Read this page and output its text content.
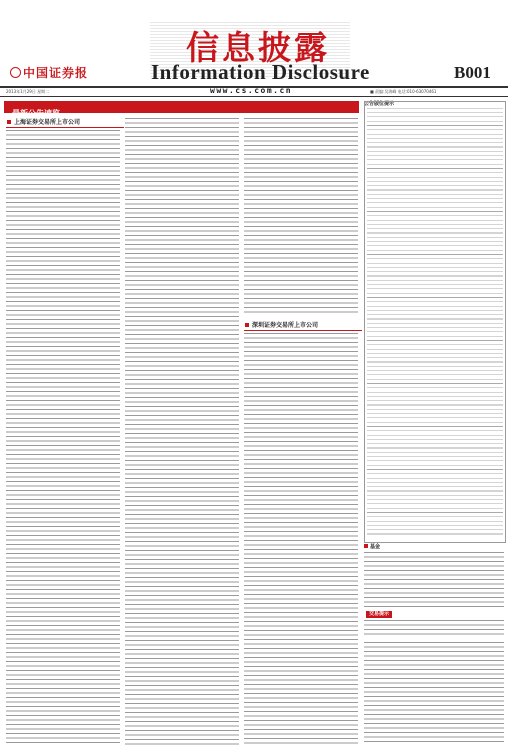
中国证券报
信息披露
Information Disclosure	B001
2013年1月29日 星期二	www.cs.com.cn	■ 责编:吴海峰 电话:010-63070461
最新公告速览
上海证券交易所上市公司
深圳证券交易所上市公司
公告版位提示
基金
交易提示
